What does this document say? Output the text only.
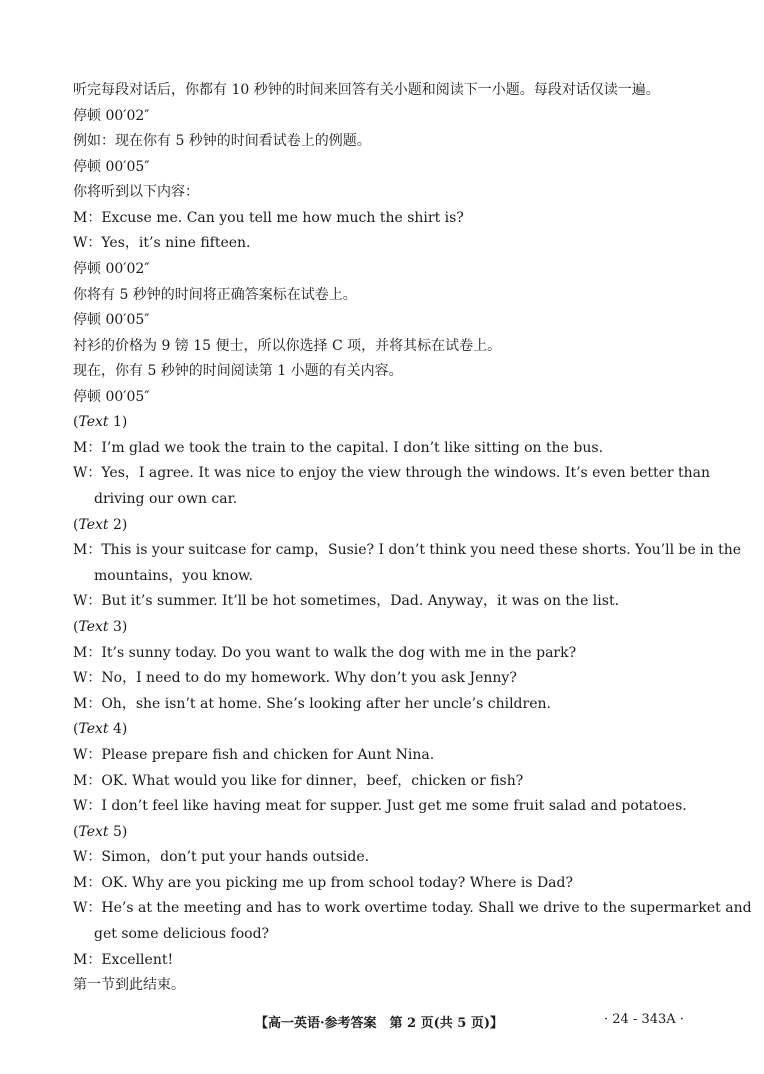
听完每段对话后，你都有 10 秒钟的时间来回答有关小题和阅读下一小题。每段对话仅读一遍。
停顿 00′02″
例如：现在你有 5 秒钟的时间看试卷上的例题。
停顿 00′05″
你将听到以下内容：
M：Excuse me. Can you tell me how much the shirt is?
W：Yes，it’s nine fifteen.
停顿 00′02″
你将有 5 秒钟的时间将正确答案标在试卷上。
停顿 00′05″
衬衫的价格为 9 镑 15 便士，所以你选择 C 项，并将其标在试卷上。
现在，你有 5 秒钟的时间阅读第 1 小题的有关内容。
停顿 00′05″
(Text 1)
M：I’m glad we took the train to the capital. I don’t like sitting on the bus.
W：Yes，I agree. It was nice to enjoy the view through the windows. It’s even better than
driving our own car.
(Text 2)
M：This is your suitcase for camp，Susie? I don’t think you need these shorts. You’ll be in the
mountains，you know.
W：But it’s summer. It’ll be hot sometimes，Dad. Anyway，it was on the list.
(Text 3)
M：It’s sunny today. Do you want to walk the dog with me in the park?
W：No，I need to do my homework. Why don’t you ask Jenny?
M：Oh，she isn’t at home. She’s looking after her uncle’s children.
(Text 4)
W：Please prepare fish and chicken for Aunt Nina.
M：OK. What would you like for dinner，beef，chicken or fish?
W：I don’t feel like having meat for supper. Just get me some fruit salad and potatoes.
(Text 5)
W：Simon，don’t put your hands outside.
M：OK. Why are you picking me up from school today? Where is Dad?
W：He’s at the meeting and has to work overtime today. Shall we drive to the supermarket and
get some delicious food?
M：Excellent!
第一节到此结束。
【高一英语·参考答案　第 2 页(共 5 页)】	· 24 - 343A ·
